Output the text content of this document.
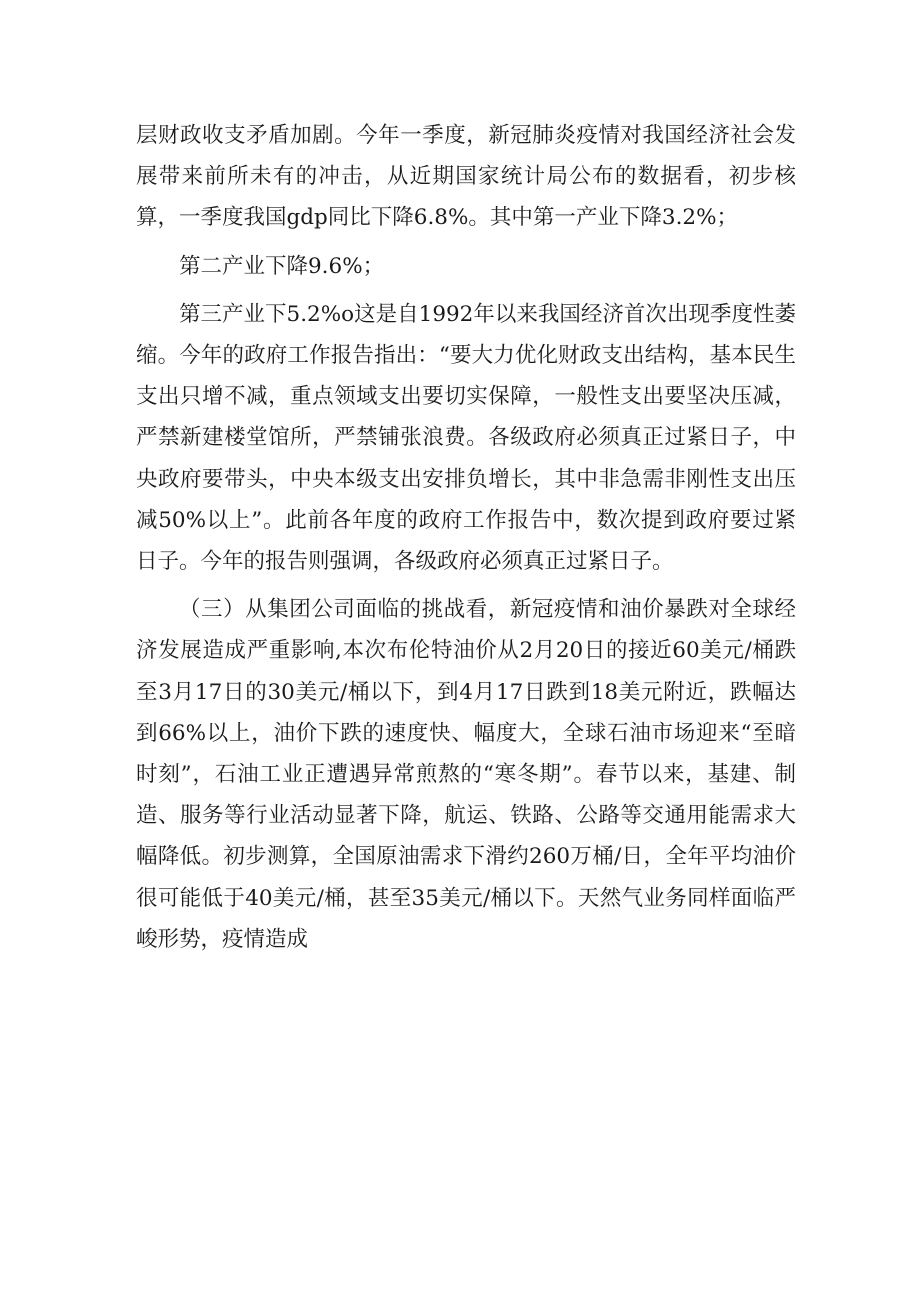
层财政收支矛盾加剧。今年一季度，新冠肺炎疫情对我国经济社会发展带来前所未有的冲击，从近期国家统计局公布的数据看，初步核算，一季度我国gdp同比下降6.8%。其中第一产业下降3.2%；

第二产业下降9.6%；

第三产业下5.2%o这是自1992年以来我国经济首次出现季度性萎缩。今年的政府工作报告指出：“要大力优化财政支出结构，基本民生支出只增不减，重点领域支出要切实保障，一般性支出要坚决压减，严禁新建楼堂馆所，严禁铺张浪费。各级政府必须真正过紧日子，中央政府要带头，中央本级支出安排负增长，其中非急需非刚性支出压减50%以上”。此前各年度的政府工作报告中，数次提到政府要过紧日子。今年的报告则强调，各级政府必须真正过紧日子。

（三）从集团公司面临的挑战看，新冠疫情和油价暴跌对全球经济发展造成严重影响,本次布伦特油价从2月20日的接近60美元/桶跌至3月17日的30美元/桶以下，到4月17日跌到18美元附近，跌幅达到66%以上，油价下跌的速度快、幅度大，全球石油市场迎来“至暗时刻”，石油工业正遭遇异常煎熬的“寒冬期”。春节以来，基建、制造、服务等行业活动显著下降，航运、铁路、公路等交通用能需求大幅降低。初步测算，全国原油需求下滑约260万桶/日，全年平均油价很可能低于40美元/桶，甚至35美元/桶以下。天然气业务同样面临严峻形势，疫情造成
